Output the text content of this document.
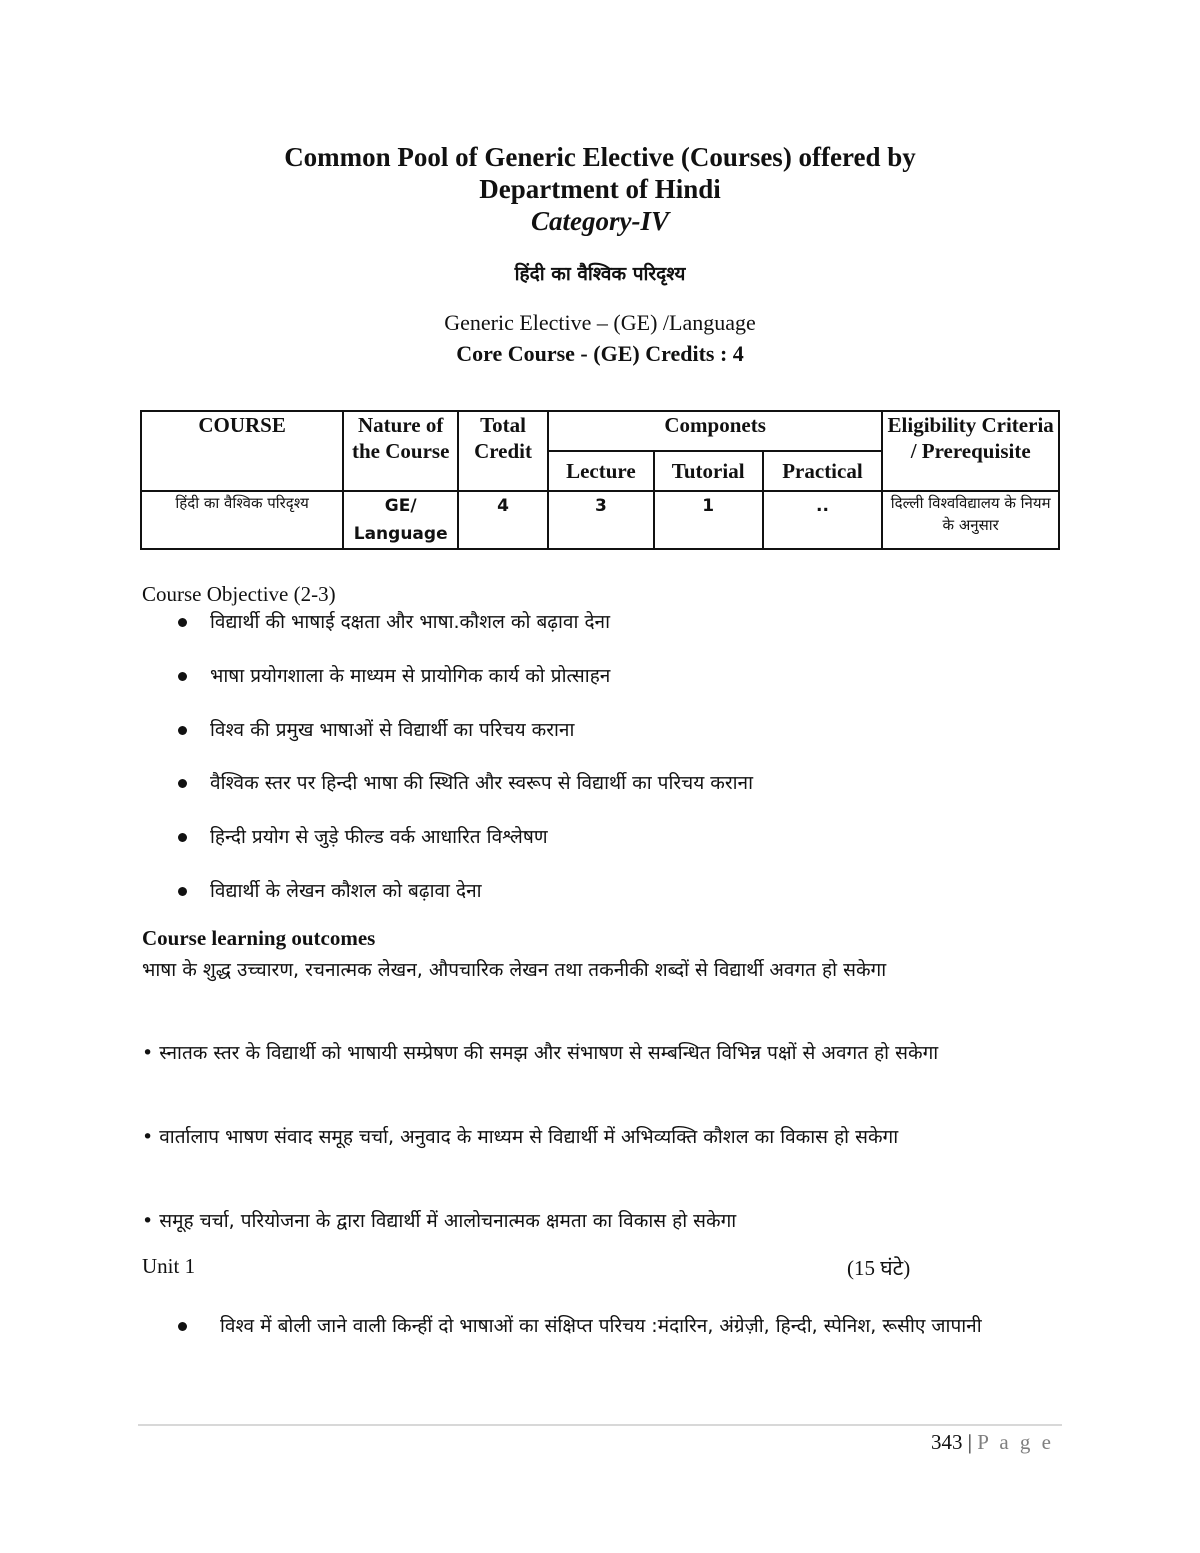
Common Pool of Generic Elective (Courses) offered by
Department of Hindi
Category-IV
हिंदी का वैश्विक परिदृश्य
Generic Elective – (GE) /Language
Core Course - (GE) Credits : 4
COURSE	Nature of the Course	Total Credit	Componets			Eligibility Criteria / Prerequisite
			Lecture	Tutorial	Practical	
हिंदी का वैश्विक परिदृश्य	GE/ Language	4	3	1	..	दिल्ली विश्वविद्यालय के नियम के अनुसार
Course Objective (2-3)
विद्यार्थी की भाषाई दक्षता और भाषा.कौशल को बढ़ावा देना
भाषा प्रयोगशाला के माध्यम से प्रायोगिक कार्य को प्रोत्साहन
विश्व की प्रमुख भाषाओं से विद्यार्थी का परिचय कराना
वैश्विक स्तर पर हिन्दी भाषा की स्थिति और स्वरूप से विद्यार्थी का परिचय कराना
हिन्दी प्रयोग से जुड़े फील्ड वर्क आधारित विश्लेषण
विद्यार्थी के लेखन कौशल को बढ़ावा देना
Course learning outcomes
भाषा के शुद्ध उच्चारण, रचनात्मक लेखन, औपचारिक लेखन तथा तकनीकी शब्दों से विद्यार्थी अवगत हो सकेगा
• स्नातक स्तर के विद्यार्थी को भाषायी सम्प्रेषण की समझ और संभाषण से सम्बन्धित विभिन्न पक्षों से अवगत हो सकेगा
• वार्तालाप भाषण संवाद समूह चर्चा, अनुवाद के माध्यम से विद्यार्थी में अभिव्यक्ति कौशल का विकास हो सकेगा
• समूह चर्चा, परियोजना के द्वारा विद्यार्थी में आलोचनात्मक क्षमता का विकास हो सकेगा
Unit 1	(15 घंटे)
विश्व में बोली जाने वाली किन्हीं दो भाषाओं का संक्षिप्त परिचय :मंदारिन, अंग्रेज़ी, हिन्दी, स्पेनिश, रूसीए जापानी
343 | P a g e
